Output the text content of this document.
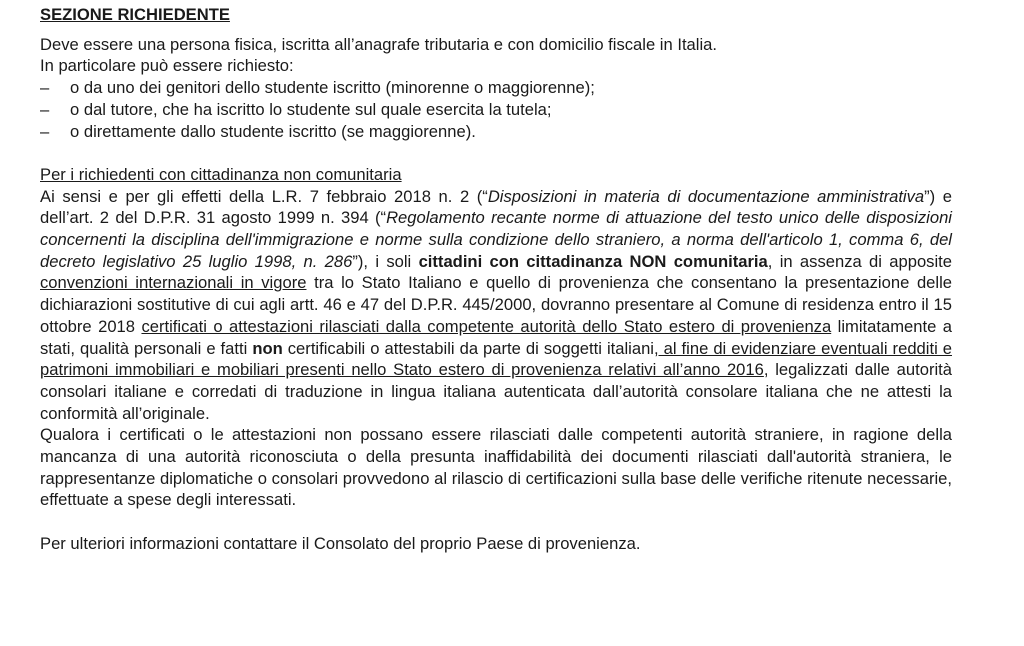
SEZIONE RICHIEDENTE

Deve essere una persona fisica, iscritta all’anagrafe tributaria e con domicilio fiscale in Italia.

In particolare può essere richiesto:

– o da uno dei genitori dello studente iscritto (minorenne o maggiorenne);
– o dal tutore, che ha iscritto lo studente sul quale esercita la tutela;
– o direttamente dallo studente iscritto (se maggiorenne).

Per i richiedenti con cittadinanza non comunitaria

Ai sensi e per gli effetti della L.R. 7 febbraio 2018 n. 2 (“Disposizioni in materia di documentazione amministrativa”) e dell’art. 2 del D.P.R. 31 agosto 1999 n. 394 (“Regolamento recante norme di attuazione del testo unico delle disposizioni concernenti la disciplina dell'immigrazione e norme sulla condizione dello straniero, a norma dell'articolo 1, comma 6, del decreto legislativo 25 luglio 1998, n. 286”), i soli cittadini con cittadinanza NON comunitaria, in assenza di apposite convenzioni internazionali in vigore tra lo Stato Italiano e quello di provenienza che consentano la presentazione delle dichiarazioni sostitutive di cui agli artt. 46 e 47 del D.P.R. 445/2000, dovranno presentare al Comune di residenza entro il 15 ottobre 2018 certificati o attestazioni rilasciati dalla competente autorità dello Stato estero di provenienza limitatamente a stati, qualità personali e fatti non certificabili o attestabili da parte di soggetti italiani, al fine di evidenziare eventuali redditi e patrimoni immobiliari e mobiliari presenti nello Stato estero di provenienza relativi all’anno 2016, legalizzati dalle autorità consolari italiane e corredati di traduzione in lingua italiana autenticata dall’autorità consolare italiana che ne attesti la conformità all’originale.

Qualora i certificati o le attestazioni non possano essere rilasciati dalle competenti autorità straniere, in ragione della mancanza di una autorità riconosciuta o della presunta inaffidabilità dei documenti rilasciati dall'autorità straniera, le rappresentanze diplomatiche o consolari provvedono al rilascio di certificazioni sulla base delle verifiche ritenute necessarie, effettuate a spese degli interessati.

Per ulteriori informazioni contattare il Consolato del proprio Paese di provenienza.
